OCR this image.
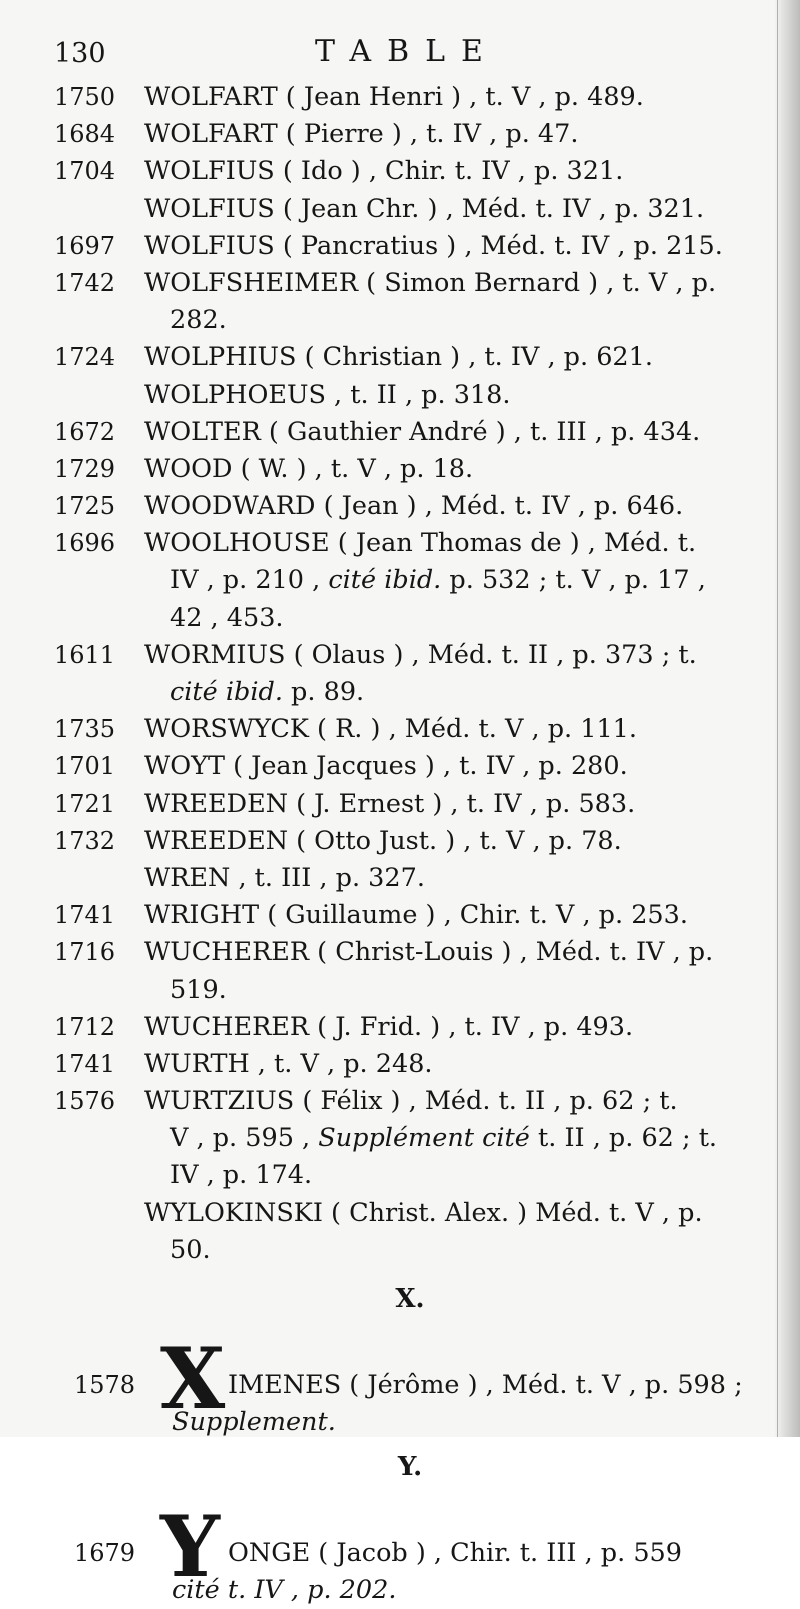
130	TABLE
1750	WOLFART ( Jean Henri ) , t. V , p. 489.
1684	WOLFART ( Pierre ) , t. IV , p. 47.
1704	WOLFIUS ( Ido ) , Chir. t. IV , p. 321.
WOLFIUS ( Jean Chr. ) , Méd. t. IV , p. 321.
1697	WOLFIUS ( Pancratius ) , Méd. t. IV , p. 215.
1742	WOLFSHEIMER ( Simon Bernard ) , t. V , p.
282.
1724	WOLPHIUS ( Christian ) , t. IV , p. 621.
WOLPHOEUS , t. II , p. 318.
1672	WOLTER ( Gauthier André ) , t. III , p. 434.
1729	WOOD ( W. ) , t. V , p. 18.
1725	WOODWARD ( Jean ) , Méd. t. IV , p. 646.
1696	WOOLHOUSE ( Jean Thomas de ) , Méd. t.
IV , p. 210 , cité ibid. p. 532 ; t. V , p. 17 ,
42 , 453.
1611	WORMIUS ( Olaus ) , Méd. t. II , p. 373 ; t.
cité ibid. p. 89.
1735	WORSWYCK ( R. ) , Méd. t. V , p. 111.
1701	WOYT ( Jean Jacques ) , t. IV , p. 280.
1721	WREEDEN ( J. Ernest ) , t. IV , p. 583.
1732	WREEDEN ( Otto Just. ) , t. V , p. 78.
WREN , t. III , p. 327.
1741	WRIGHT ( Guillaume ) , Chir. t. V , p. 253.
1716	WUCHERER ( Christ-Louis ) , Méd. t. IV , p.
519.
1712	WUCHERER ( J. Frid. ) , t. IV , p. 493.
1741	WURTH , t. V , p. 248.
1576	WURTZIUS ( Félix ) , Méd. t. II , p. 62 ; t.
V , p. 595 , Supplément cité t. II , p. 62 ; t.
IV , p. 174.
WYLOKINSKI ( Christ. Alex. ) Méd. t. V , p.
50.
X.
X
1578	IMENES ( Jérôme ) , Méd. t. V , p. 598 ;
Supplement.
Y.
Y
1679	ONGE ( Jacob ) , Chir. t. III , p. 559
cité t. IV , p. 202.
